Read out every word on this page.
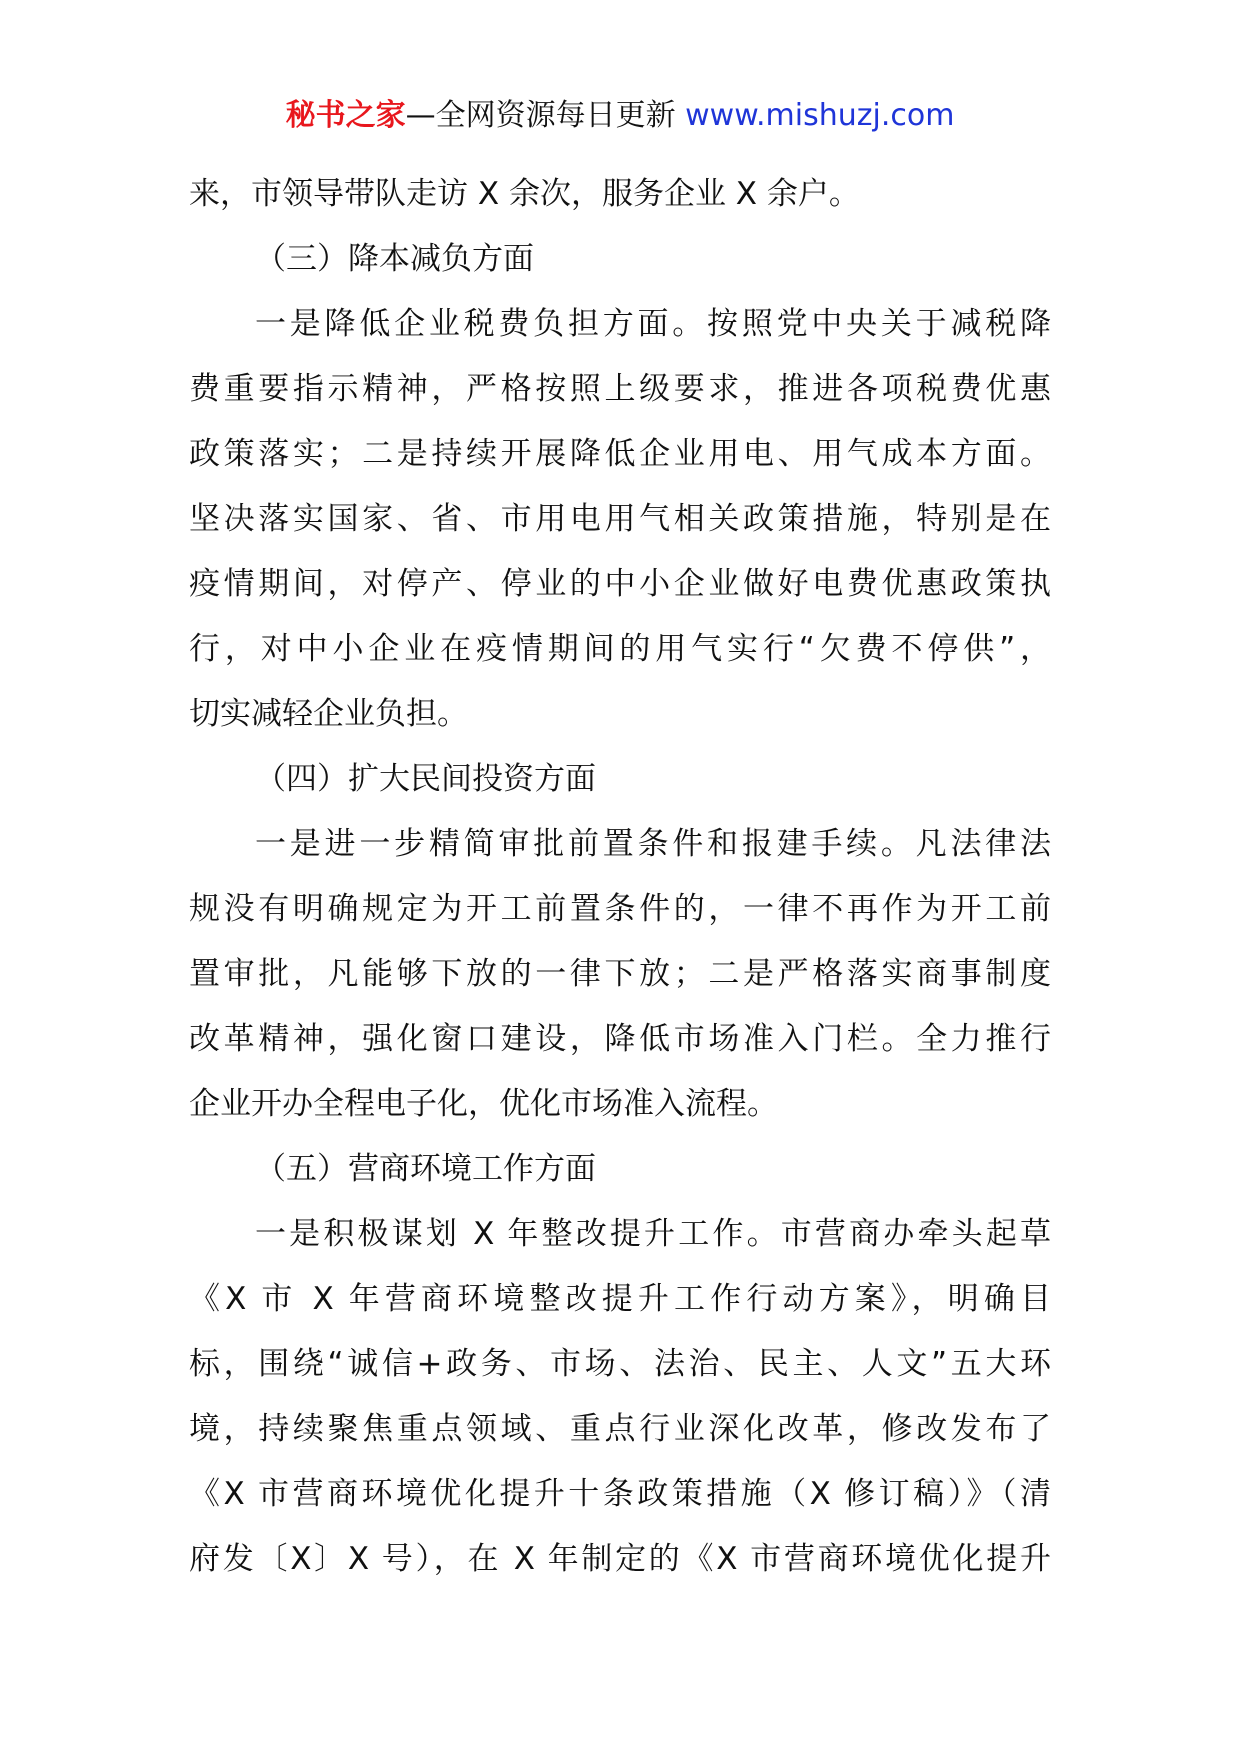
秘书之家—全网资源每日更新 www.mishuzj.com
来，市领导带队走访 X 余次，服务企业 X 余户。
（三）降本减负方面
一是降低企业税费负担方面。按照党中央关于减税降
费重要指示精神，严格按照上级要求，推进各项税费优惠
政策落实；二是持续开展降低企业用电、用气成本方面。
坚决落实国家、省、市用电用气相关政策措施，特别是在
疫情期间，对停产、停业的中小企业做好电费优惠政策执
行，对中小企业在疫情期间的用气实行“欠费不停供”，
切实减轻企业负担。
（四）扩大民间投资方面
一是进一步精简审批前置条件和报建手续。凡法律法
规没有明确规定为开工前置条件的，一律不再作为开工前
置审批，凡能够下放的一律下放；二是严格落实商事制度
改革精神，强化窗口建设，降低市场准入门栏。全力推行
企业开办全程电子化，优化市场准入流程。
（五）营商环境工作方面
一是积极谋划 X 年整改提升工作。市营商办牵头起草
《X 市 X 年营商环境整改提升工作行动方案》，明确目
标，围绕“诚信+政务、市场、法治、民主、人文”五大环
境，持续聚焦重点领域、重点行业深化改革，修改发布了
《X 市营商环境优化提升十条政策措施（X 修订稿）》（清
府发〔X〕X 号），在 X 年制定的《X 市营商环境优化提升
